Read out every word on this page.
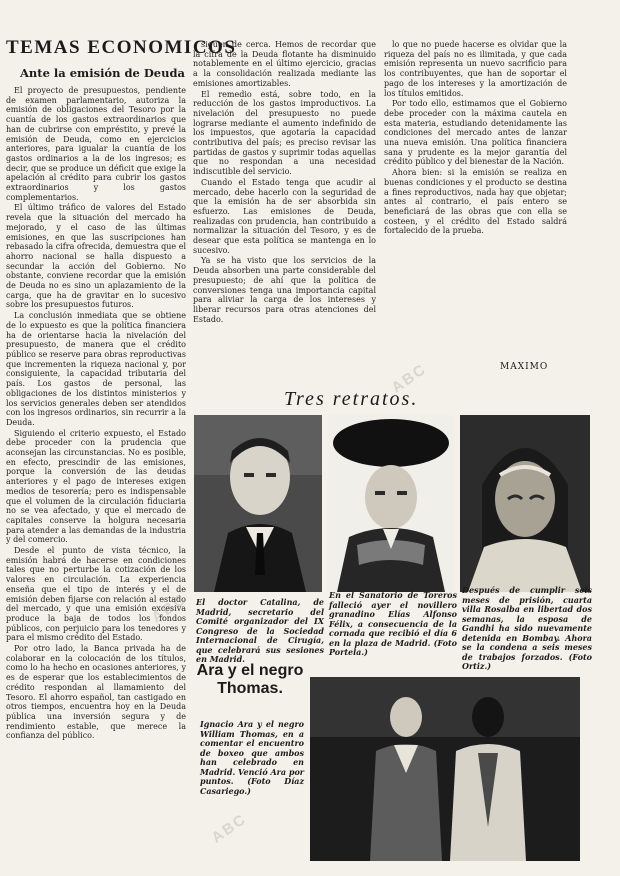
TEMAS ECONOMICOS
Ante la emisión de Deuda

El proyecto de presupuestos, pendiente de examen parlamentario, autoriza la emisión de obligaciones del Tesoro por la cuantía de los gastos extraordinarios que han de cubrirse con empréstito, y prevé la emisión de Deuda, como en ejercicios anteriores, para igualar la cuantía de los gastos ordinarios a la de los ingresos; es decir, que se produce un déficit que exige la apelación al crédito para cubrir los gastos extraordinarios y los gastos complementarios.

El último tráfico de valores del Estado revela que la situación del mercado ha mejorado, y el caso de las últimas emisiones, en que las suscripciones han rebasado la cifra ofrecida, demuestra que el ahorro nacional se halla dispuesto a secundar la acción del Gobierno. No obstante, conviene recordar que la emisión de Deuda no es sino un aplazamiento de la carga, que ha de gravitar en lo sucesivo sobre los presupuestos futuros.

La conclusión inmediata que se obtiene de lo expuesto es que la política financiera ha de orientarse hacia la nivelación del presupuesto, de manera que el crédito público se reserve para obras reproductivas que incrementen la riqueza nacional y, por consiguiente, la capacidad tributaria del país. Los gastos de personal, las obligaciones de los distintos ministerios y los servicios generales deben ser atendidos con los ingresos ordinarios, sin recurrir a la Deuda.

Siguiendo el criterio expuesto, el Estado debe proceder con la prudencia que aconsejan las circunstancias. No es posible, en efecto, prescindir de las emisiones, porque la conversión de las deudas anteriores y el pago de intereses exigen medios de tesorería; pero es indispensable que el volumen de la circulación fiduciaria no se vea afectado, y que el mercado de capitales conserve la holgura necesaria para atender a las demandas de la industria y del comercio.

Desde el punto de vista técnico, la emisión habrá de hacerse en condiciones tales que no perturbe la cotización de los valores en circulación. La experiencia enseña que el tipo de interés y el de emisión deben fijarse con relación al estado del mercado, y que una emisión excesiva produce la baja de todos los fondos públicos, con perjuicio para los tenedores y para el mismo crédito del Estado.

Por otro lado, la Banca privada ha de colaborar en la colocación de los títulos, como lo ha hecho en ocasiones anteriores, y es de esperar que los establecimientos de crédito respondan al llamamiento del Tesoro. El ahorro español, tan castigado en otros tiempos, encuentra hoy en la Deuda pública una inversión segura y de rendimiento estable, que merece la confianza del público.

siguen de cerca. Hemos de recordar que la cifra de la Deuda flotante ha disminuido notablemente en el último ejercicio, gracias a la consolidación realizada mediante las emisiones amortizables.

El remedio está, sobre todo, en la reducción de los gastos improductivos. La nivelación del presupuesto no puede lograrse mediante el aumento indefinido de los impuestos, que agotaría la capacidad contributiva del país; es preciso revisar las partidas de gastos y suprimir todas aquellas que no respondan a una necesidad indiscutible del servicio.

Cuando el Estado tenga que acudir al mercado, debe hacerlo con la seguridad de que la emisión ha de ser absorbida sin esfuerzo. Las emisiones de Deuda, realizadas con prudencia, han contribuido a normalizar la situación del Tesoro, y es de desear que esta política se mantenga en lo sucesivo.

Ya se ha visto que los servicios de la Deuda absorben una parte considerable del presupuesto; de ahí que la política de conversiones tenga una importancia capital para aliviar la carga de los intereses y liberar recursos para otras atenciones del Estado.

lo que no puede hacerse es olvidar que la riqueza del país no es ilimitada, y que cada emisión representa un nuevo sacrificio para los contribuyentes, que han de soportar el pago de los intereses y la amortización de los títulos emitidos.

Por todo ello, estimamos que el Gobierno debe proceder con la máxima cautela en esta materia, estudiando detenidamente las condiciones del mercado antes de lanzar una nueva emisión. Una política financiera sana y prudente es la mejor garantía del crédito público y del bienestar de la Nación.

Ahora bien: si la emisión se realiza en buenas condiciones y el producto se destina a fines reproductivos, nada hay que objetar; antes al contrario, el país entero se beneficiará de las obras que con ella se costeen, y el crédito del Estado saldrá fortalecido de la prueba.

MAXIMO
Tres retratos.
El doctor Catalina, de Madrid, secretario del Comité organizador del IX Congreso de la Sociedad Internacional de Cirugía, que celebrará sus sesiones en Madrid.
En el Sanatorio de Toreros falleció ayer el novillero granadino Elías Alfonso Félix, a consecuencia de la cornada que recibió el día 6 en la plaza de Madrid. (Foto Portela.)
Después de cumplir seis meses de prisión, cuarta villa Rosalba en libertad dos semanas, la esposa de Gandhi ha sido nuevamente detenida en Bombay. Ahora se la condena a seis meses de trabajos forzados. (Foto Ortiz.)
Ara y el negro Thomas.
Ignacio Ara y el negro William Thomas, en a comentar el encuentro de boxeo que ambos han celebrado en Madrid. Venció Ara por puntos. (Foto Díaz Casariego.)
ABC
ABC
ABC
